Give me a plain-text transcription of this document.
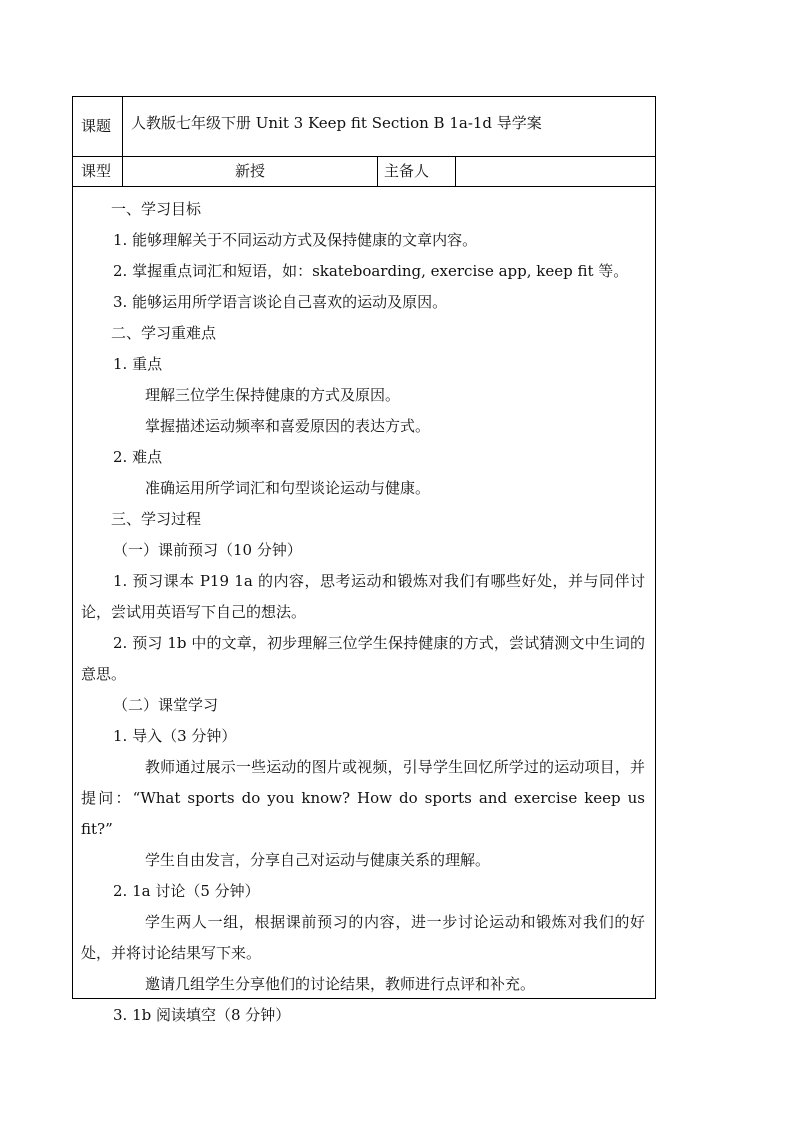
课题 人教版七年级下册 Unit 3 Keep fit Section B 1a-1d 导学案
课型	新授	主备人
一、学习目标
1. 能够理解关于不同运动方式及保持健康的文章内容。
2. 掌握重点词汇和短语，如：skateboarding, exercise app, keep fit 等。
3. 能够运用所学语言谈论自己喜欢的运动及原因。
二、学习重难点
1. 重点
理解三位学生保持健康的方式及原因。
掌握描述运动频率和喜爱原因的表达方式。
2. 难点
准确运用所学词汇和句型谈论运动与健康。
三、学习过程
（一）课前预习（10 分钟）
1. 预习课本 P19 1a 的内容，思考运动和锻炼对我们有哪些好处，并与同伴讨论，尝试用英语写下自己的想法。
2. 预习 1b 中的文章，初步理解三位学生保持健康的方式，尝试猜测文中生词的意思。
（二）课堂学习
1. 导入（3 分钟）
教师通过展示一些运动的图片或视频，引导学生回忆所学过的运动项目，并提问：“What sports do you know? How do sports and exercise keep us fit?”
学生自由发言，分享自己对运动与健康关系的理解。
2. 1a 讨论（5 分钟）
学生两人一组，根据课前预习的内容，进一步讨论运动和锻炼对我们的好处，并将讨论结果写下来。
邀请几组学生分享他们的讨论结果，教师进行点评和补充。
3. 1b 阅读填空（8 分钟）
